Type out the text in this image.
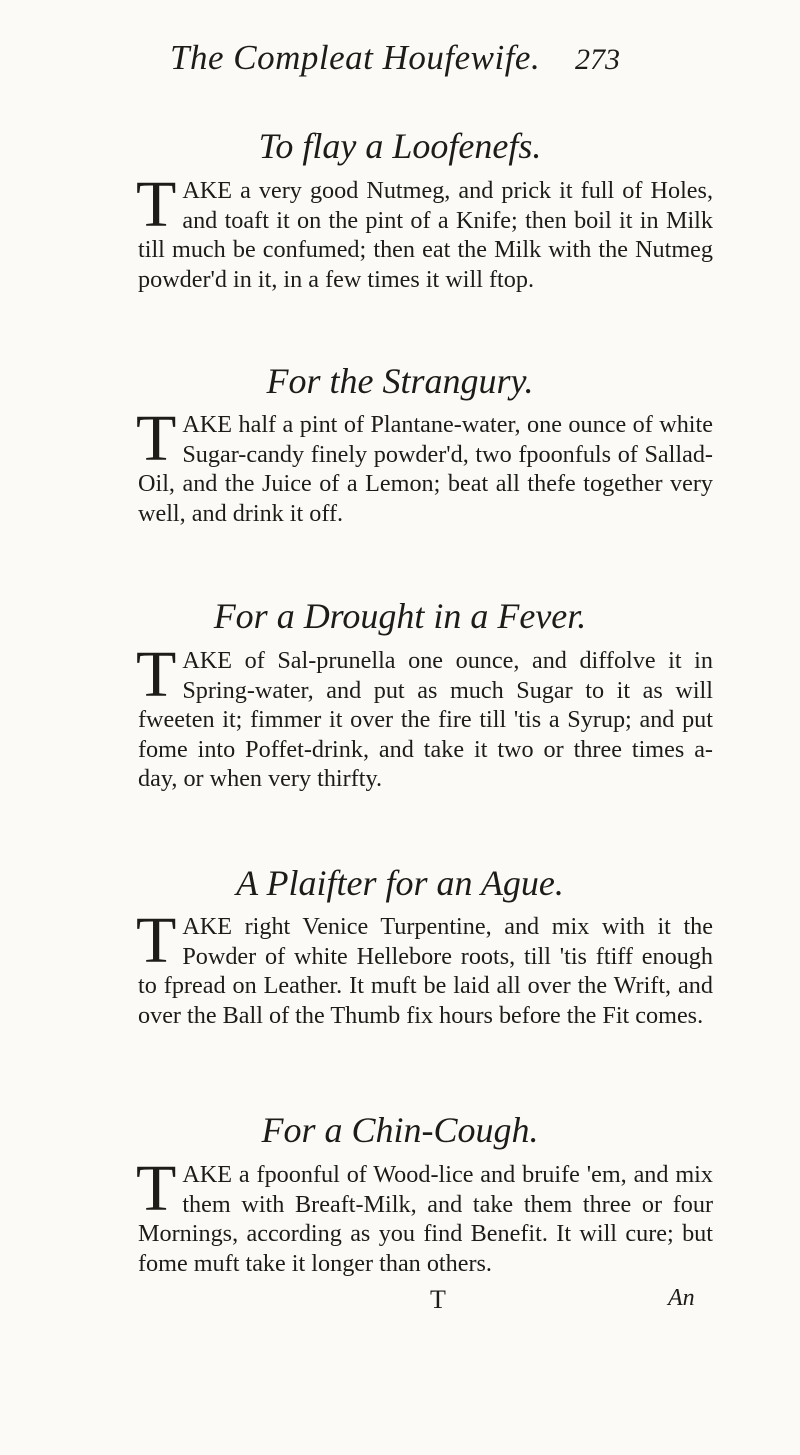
The Compleat Houfewife. 273
To flay a Loofenefs.
T AKE a very good Nutmeg, and prick it full of Holes, and toaft it on the pint of a Knife; then boil it in Milk till much be confumed; then eat the Milk with the Nutmeg powder'd in it, in a few times it will ftop.

For the Strangury.
T AKE half a pint of Plantane-water, one ounce of white Sugar-candy finely powder'd, two fpoonfuls of Sallad-Oil, and the Juice of a Lemon; beat all thefe together very well, and drink it off.

For a Drought in a Fever.
T AKE of Sal-prunella one ounce, and diffolve it in Spring-water, and put as much Sugar to it as will fweeten it; fimmer it over the fire till 'tis a Syrup; and put fome into Poffet-drink, and take it two or three times a-day, or when very thirfty.

A Plaifter for an Ague.
T AKE right Venice Turpentine, and mix with it the Powder of white Hellebore roots, till 'tis ftiff enough to fpread on Leather. It muft be laid all over the Wrift, and over the Ball of the Thumb fix hours before the Fit comes.

For a Chin-Cough.
T AKE a fpoonful of Wood-lice and bruife 'em, and mix them with Breaft-Milk, and take them three or four Mornings, according as you find Benefit. It will cure; but fome muft take it longer than others.

T	An
